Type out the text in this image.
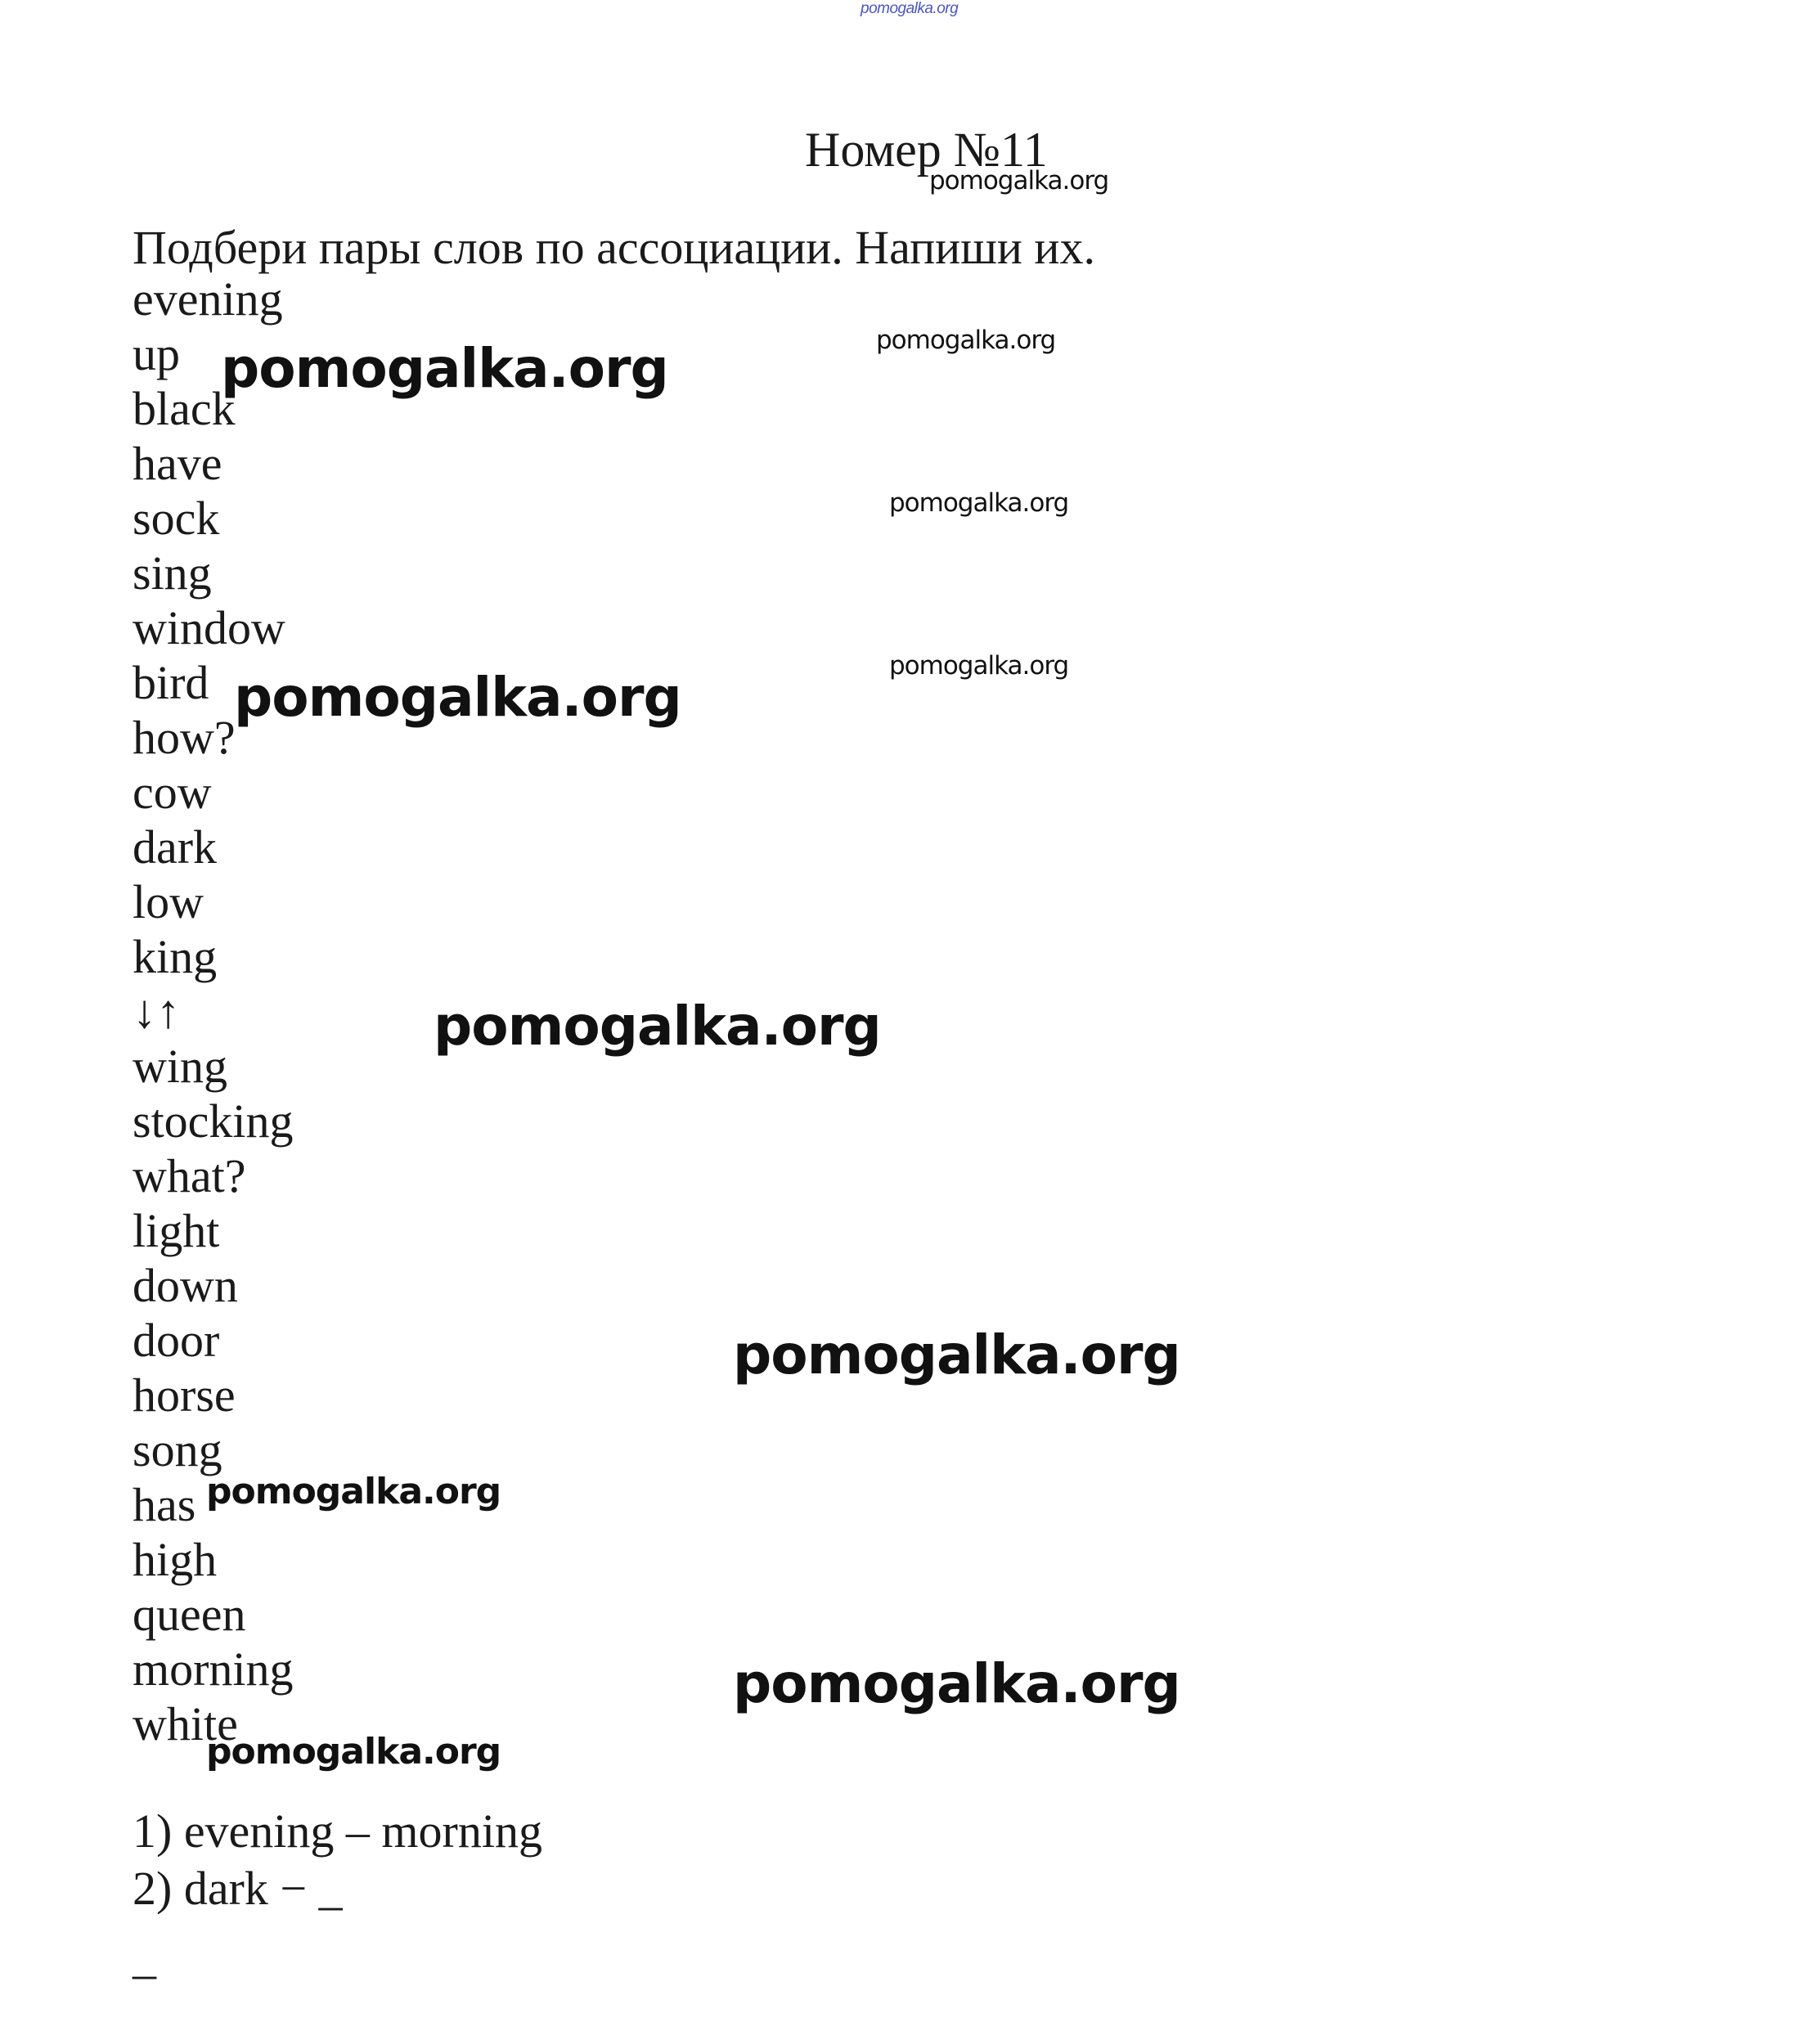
pomogalka.org
Номер №11
Подбери пары слов по ассоциации. Напиши их.
evening
up
black
have
sock
sing
window
bird
how?
cow
dark
low
king
↓↑
wing
stocking
what?
light
down
door
horse
song
has
high
queen
morning
white
1) evening – morning
2) dark − _
_
pomogalka.org
pomogalka.org
pomogalka.org
pomogalka.org
pomogalka.org
pomogalka.org
pomogalka.org
pomogalka.org
pomogalka.org
pomogalka.org
pomogalka.org
